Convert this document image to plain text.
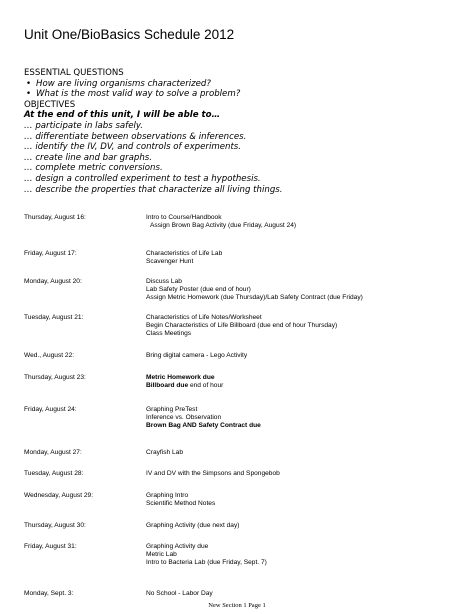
Unit One/BioBasics Schedule 2012
ESSENTIAL QUESTIONS
• How are living organisms characterized?
• What is the most valid way to solve a problem?
OBJECTIVES
At the end of this unit, I will be able to…
… participate in labs safely.
… differentiate between observations & inferences.
… identify the IV, DV, and controls of experiments.
… create line and bar graphs.
… complete metric conversions.
… design a controlled experiment to test a hypothesis.
… describe the properties that characterize all living things.
Thursday, August 16:	Intro to Course/Handbook
Assign Brown Bag Activity (due Friday, August 24)
Friday, August 17:	Characteristics of Life Lab
Scavenger Hunt
Monday, August 20:	Discuss Lab
Lab Safety Poster (due end of hour)
Assign Metric Homework (due Thursday)/Lab Safety Contract (due Friday)
Tuesday, August 21:	Characteristics of Life Notes/Worksheet
Begin Characteristics of Life Billboard (due end of hour Thursday)
Class Meetings
Wed., August 22:	Bring digital camera - Lego Activity
Thursday, August 23:	Metric Homework due
Billboard due end of hour
Friday, August 24:	Graphing PreTest
Inference vs. Observation
Brown Bag AND Safety Contract due
Monday, August 27:	Crayfish Lab
Tuesday, August 28:	IV and DV with the Simpsons and Spongebob
Wednesday, August 29:	Graphing Intro
Scientific Method Notes
Thursday, August 30:	Graphing Activity (due next day)
Friday, August 31:	Graphing Activity due
Metric Lab
Intro to Bacteria Lab (due Friday, Sept. 7)
Monday, Sept. 3:	No School - Labor Day
New Section 1 Page 1
